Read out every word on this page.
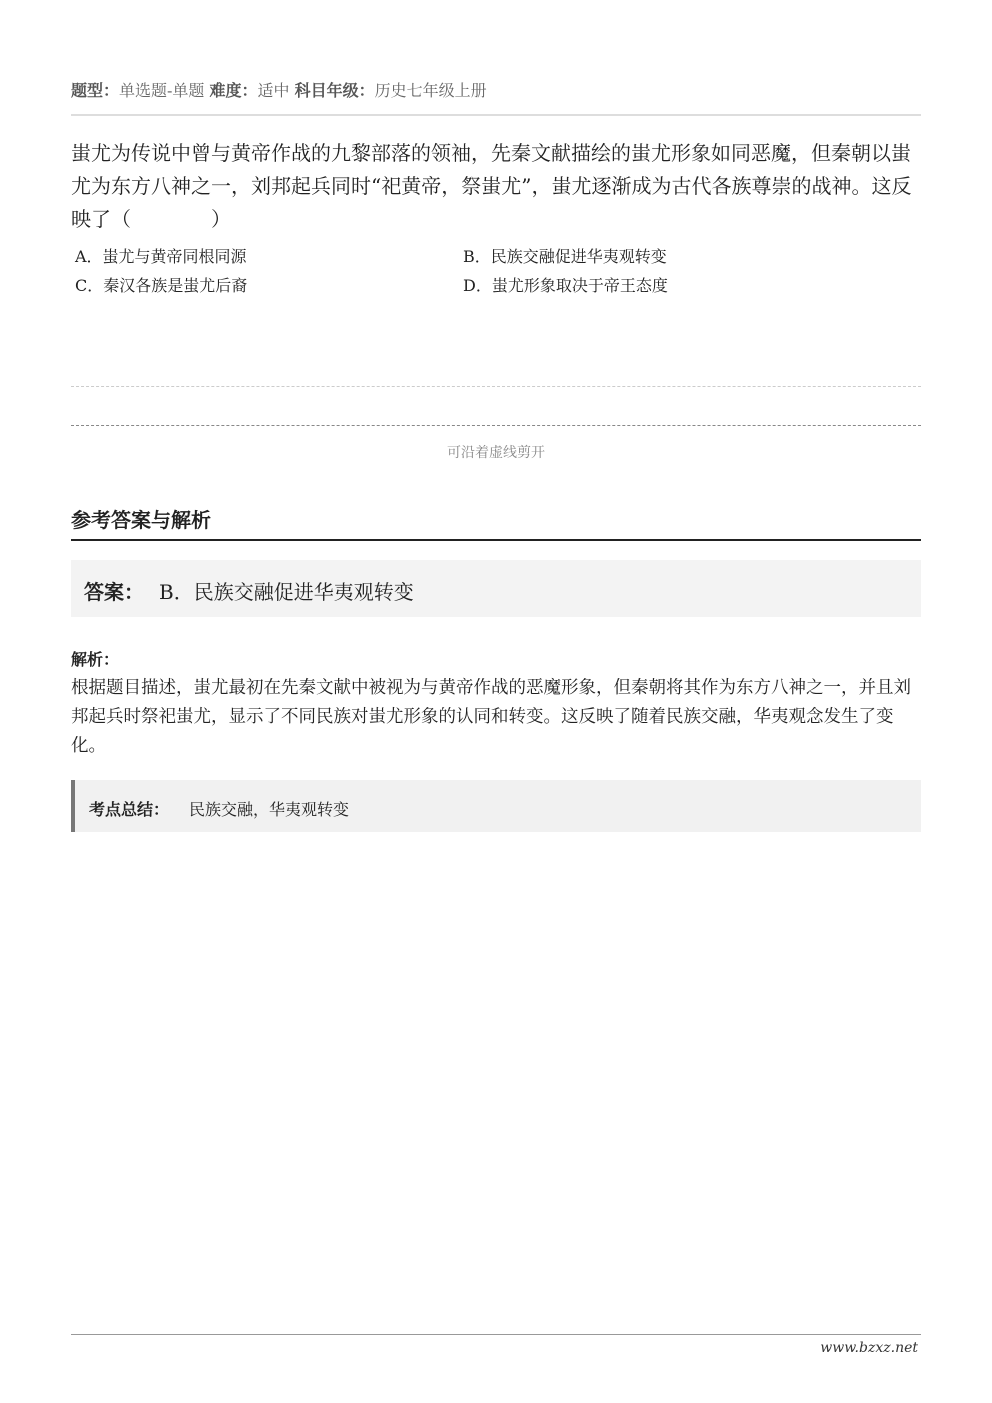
题型：单选题-单题 难度：适中 科目年级：历史七年级上册
蚩尤为传说中曾与黄帝作战的九黎部落的领袖，先秦文献描绘的蚩尤形象如同恶魔，但秦朝以蚩尤为东方八神之一，刘邦起兵同时“祀黄帝，祭蚩尤”，蚩尤逐渐成为古代各族尊崇的战神。这反映了（　　　　）
A．蚩尤与黄帝同根同源	B．民族交融促进华夷观转变
C．秦汉各族是蚩尤后裔	D．蚩尤形象取决于帝王态度
可沿着虚线剪开
参考答案与解析
答案： B．民族交融促进华夷观转变
解析：
根据题目描述，蚩尤最初在先秦文献中被视为与黄帝作战的恶魔形象，但秦朝将其作为东方八神之一，并且刘邦起兵时祭祀蚩尤，显示了不同民族对蚩尤形象的认同和转变。这反映了随着民族交融，华夷观念发生了变化。
考点总结： 民族交融，华夷观转变
www.bzxz.net
